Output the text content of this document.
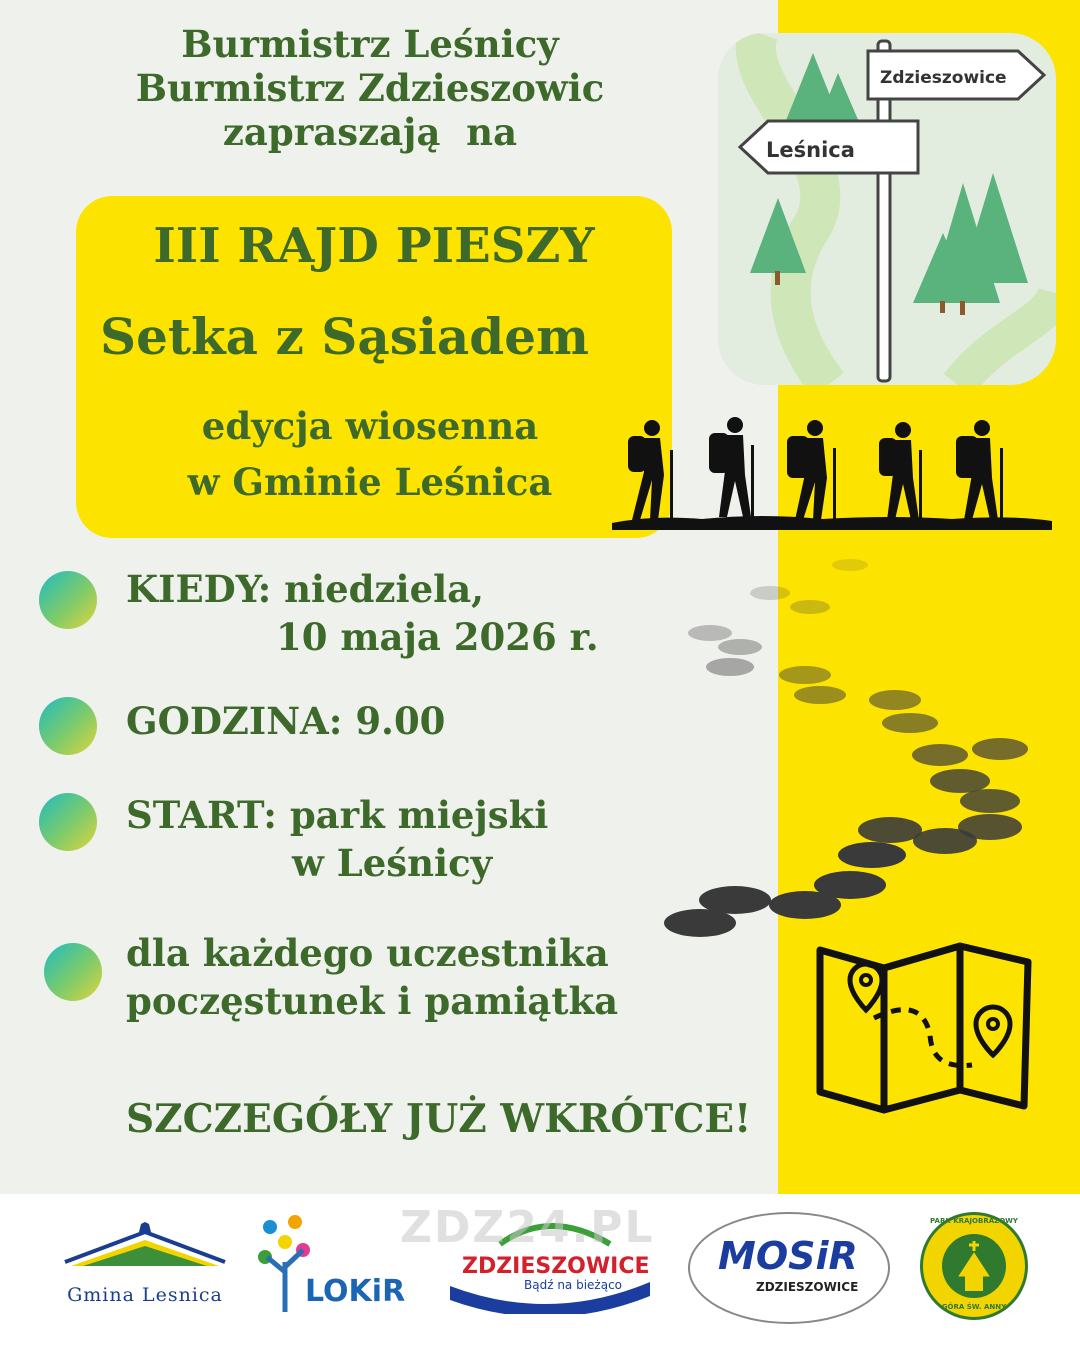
Burmistrz Leśnicy
Burmistrz Zdzieszowic
zapraszają  na
Zdzieszowice
Leśnica
III RAJD PIESZY
Setka z Sąsiadem
edycja wiosenna
w Gminie Leśnica
KIEDY: niedziela,
10 maja 2026 r.
GODZINA: 9.00
START: park miejski
w Leśnicy
dla każdego uczestnika
poczęstunek i pamiątka
SZCZEGÓŁY JUŻ WKRÓTCE!
Gmina Lesnica	LOKiR
ZDZIESZOWICE
Bądź na bieżąco
MOSiR
ZDZIESZOWICE
PARK KRAJOBRAZOWY
GÓRA ŚW. ANNY
ZDZ24.PL
